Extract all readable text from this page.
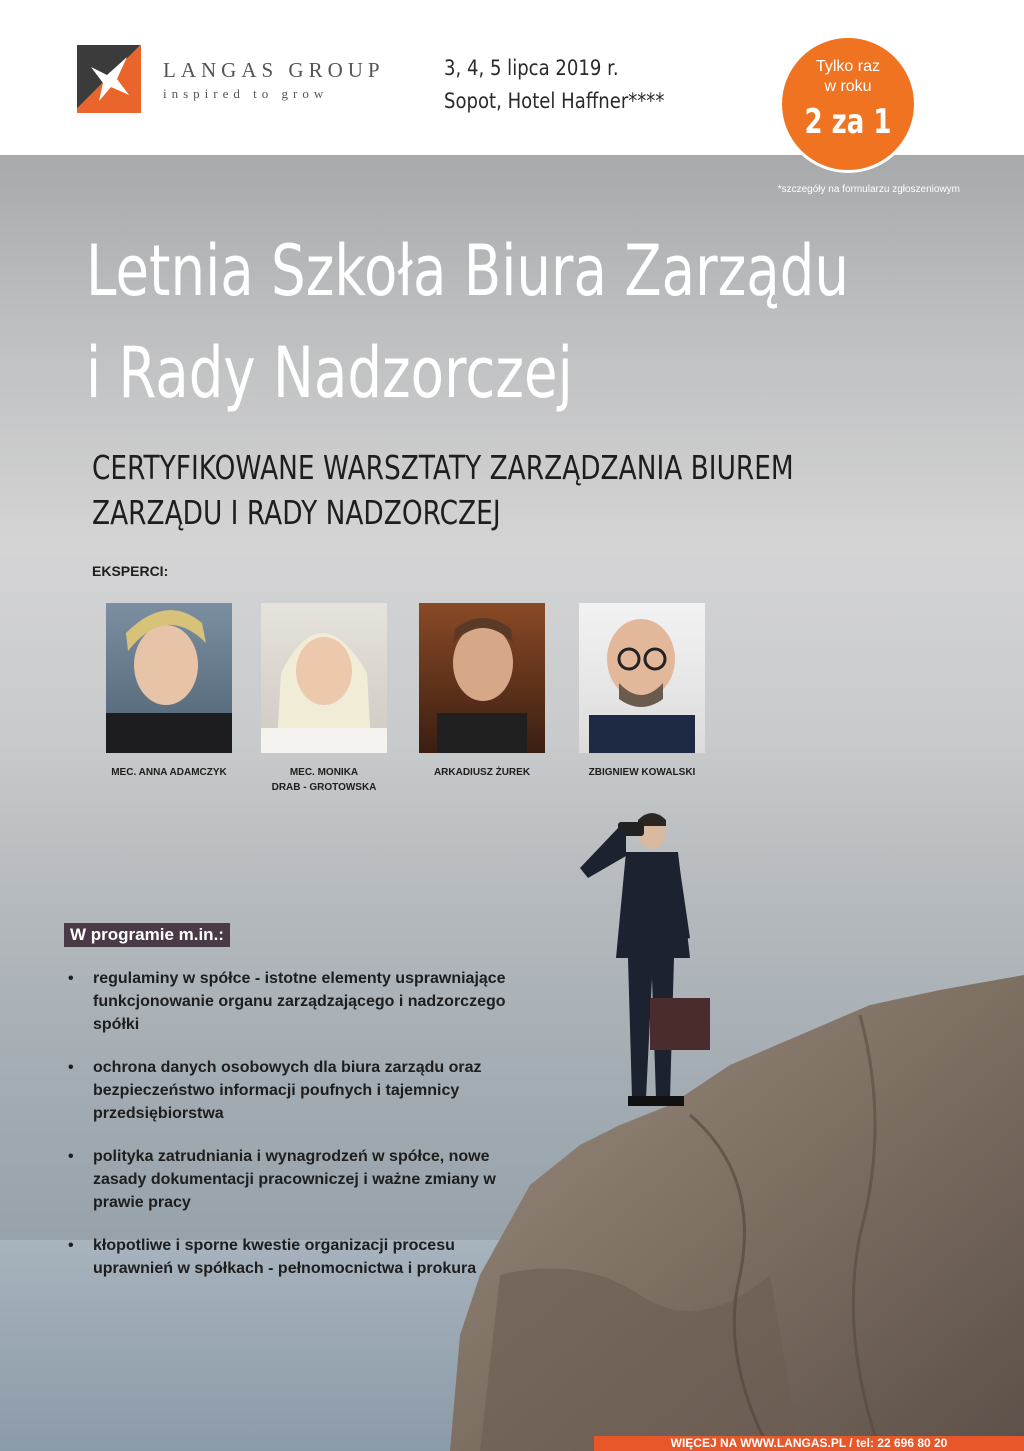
LANGAS GROUP
inspired to grow
3, 4, 5 lipca 2019 r.
Sopot, Hotel Haffner****
Tylko raz
w roku
2 za 1
*szczegóły na formularzu zgłoszeniowym
Letnia Szkoła Biura Zarządu
i Rady Nadzorczej
CERTYFIKOWANE WARSZTATY ZARZĄDZANIA BIUREM
ZARZĄDU I RADY NADZORCZEJ
EKSPERCI:
MEC. ANNA ADAMCZYK	MEC. MONIKA
DRAB - GROTOWSKA
ARKADIUSZ ŻUREK	ZBIGNIEW KOWALSKI
W programie m.in.:
• regulaminy w spółce - istotne elementy usprawniające funkcjonowanie organu zarządzającego i nadzorczego spółki
• ochrona danych osobowych dla biura zarządu oraz bezpieczeństwo informacji poufnych i tajemnicy przedsiębiorstwa
• polityka zatrudniania i wynagrodzeń w spółce, nowe zasady dokumentacji pracowniczej i ważne zmiany w prawie pracy
• kłopotliwe i sporne kwestie organizacji procesu uprawnień w spółkach - pełnomocnictwa i prokura
WIĘCEJ NA WWW.LANGAS.PL / tel: 22 696 80 20
